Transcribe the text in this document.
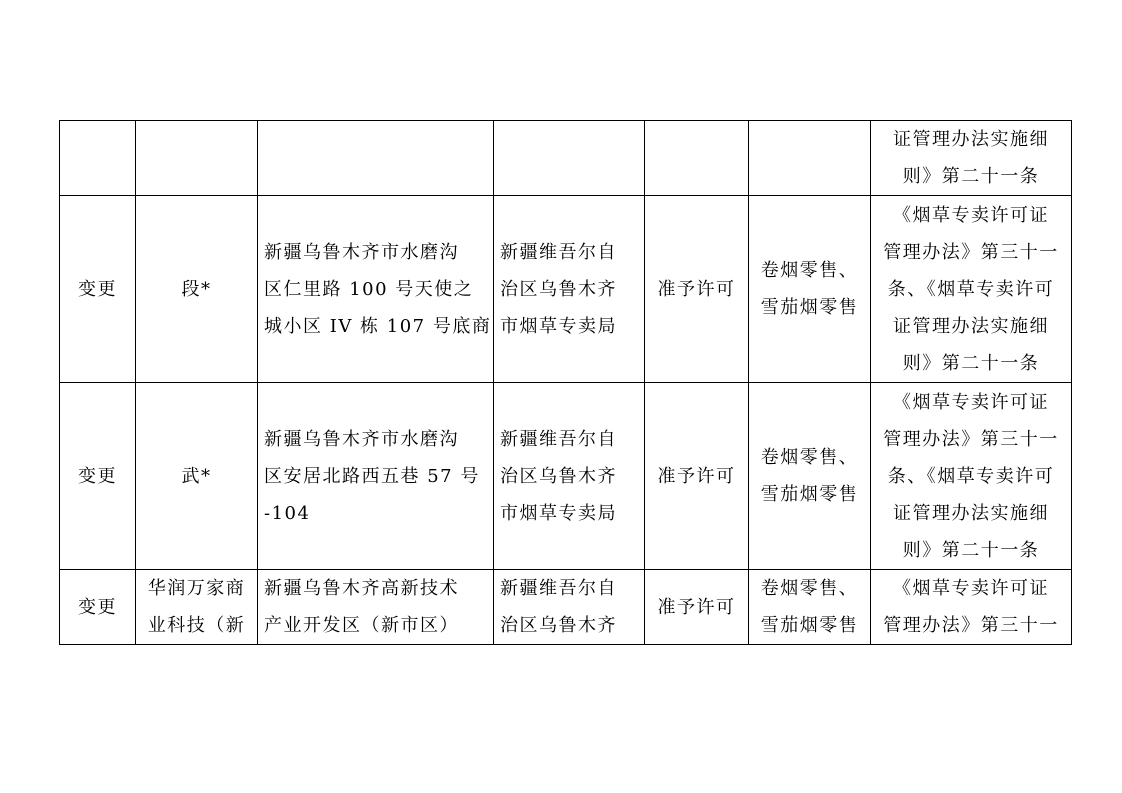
						证管理办法实施细
则》第二十一条

变更	段*	新疆乌鲁木齐市水磨沟
区仁里路 100 号天使之
城小区 IV 栋 107 号底商	新疆维吾尔自
治区乌鲁木齐
市烟草专卖局	准予许可	卷烟零售、
雪茄烟零售	《烟草专卖许可证
管理办法》第三十一
条、《烟草专卖许可
证管理办法实施细
则》第二十一条

变更	武*	新疆乌鲁木齐市水磨沟
区安居北路西五巷 57 号
-104	新疆维吾尔自
治区乌鲁木齐
市烟草专卖局	准予许可	卷烟零售、
雪茄烟零售	《烟草专卖许可证
管理办法》第三十一
条、《烟草专卖许可
证管理办法实施细
则》第二十一条

变更	华润万家商
业科技（新	新疆乌鲁木齐高新技术
产业开发区（新市区）	新疆维吾尔自
治区乌鲁木齐	准予许可	卷烟零售、
雪茄烟零售	《烟草专卖许可证
管理办法》第三十一
